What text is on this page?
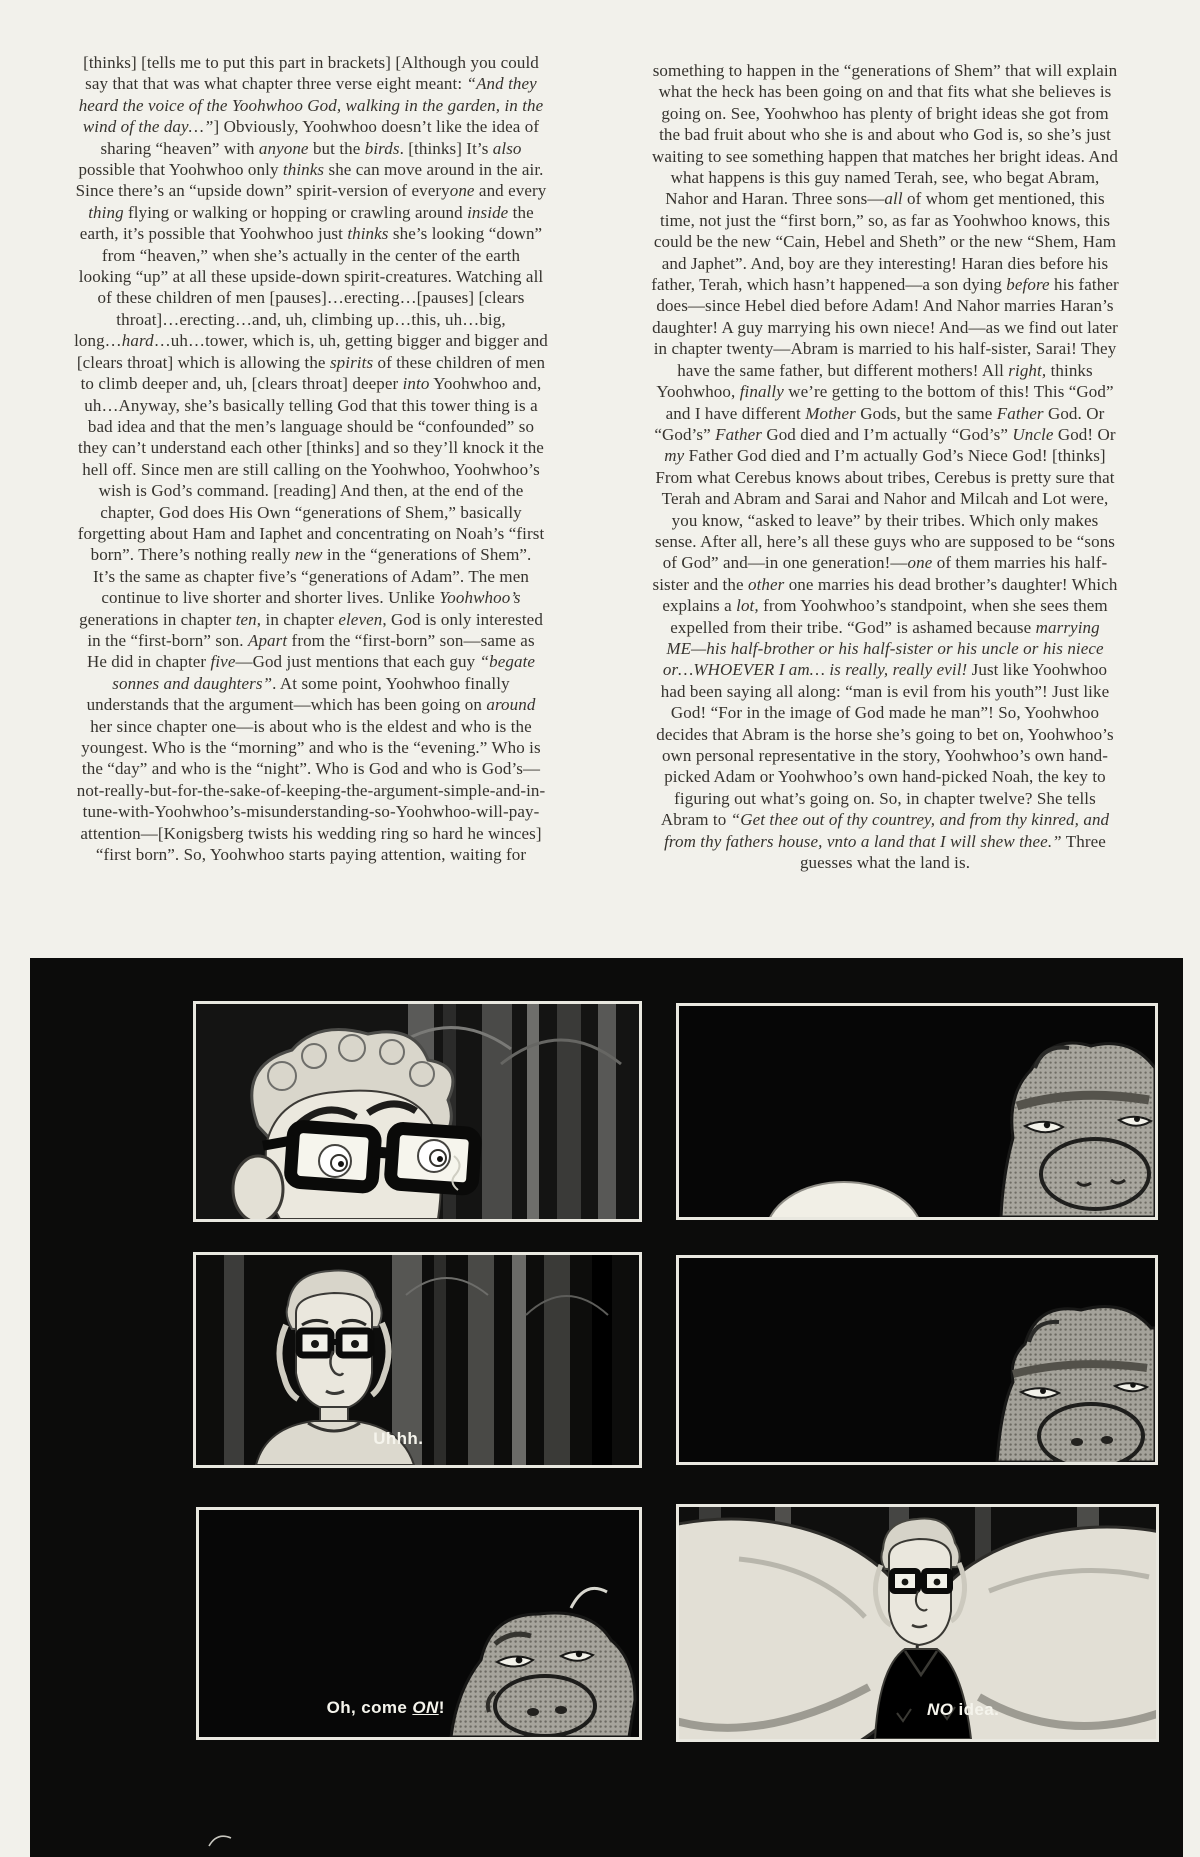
[thinks] [tells me to put this part in brackets] [Although you could
say that that was what chapter three verse eight meant: “And they
heard the voice of the Yoohwhoo God, walking in the garden, in the
wind of the day…”] Obviously, Yoohwhoo doesn’t like the idea of
sharing “heaven” with anyone but the birds. [thinks] It’s also
possible that Yoohwhoo only thinks she can move around in the air.
Since there’s an “upside down” spirit-version of everyone and every
thing flying or walking or hopping or crawling around inside the
earth, it’s possible that Yoohwhoo just thinks she’s looking “down”
from “heaven,” when she’s actually in the center of the earth
looking “up” at all these upside-down spirit-creatures. Watching all
of these children of men [pauses]…erecting…[pauses] [clears
throat]…erecting…and, uh, climbing up…this, uh…big,
long…hard…uh…tower, which is, uh, getting bigger and bigger and
[clears throat] which is allowing the spirits of these children of men
to climb deeper and, uh, [clears throat] deeper into Yoohwhoo and,
uh…Anyway, she’s basically telling God that this tower thing is a
bad idea and that the men’s language should be “confounded” so
they can’t understand each other [thinks] and so they’ll knock it the
hell off. Since men are still calling on the Yoohwhoo, Yoohwhoo’s
wish is God’s command. [reading] And then, at the end of the
chapter, God does His Own “generations of Shem,” basically
forgetting about Ham and Iaphet and concentrating on Noah’s “first
born”. There’s nothing really new in the “generations of Shem”.
It’s the same as chapter five’s “generations of Adam”. The men
continue to live shorter and shorter lives. Unlike Yoohwhoo’s
generations in chapter ten, in chapter eleven, God is only interested
in the “first-born” son. Apart from the “first-born” son—same as
He did in chapter five—God just mentions that each guy “begate
sonnes and daughters”. At some point, Yoohwhoo finally
understands that the argument—which has been going on around
her since chapter one—is about who is the eldest and who is the
youngest. Who is the “morning” and who is the “evening.” Who is
the “day” and who is the “night”. Who is God and who is God’s—
not-really-but-for-the-sake-of-keeping-the-argument-simple-and-in-
tune-with-Yoohwhoo’s-misunderstanding-so-Yoohwhoo-will-pay-
attention—[Konigsberg twists his wedding ring so hard he winces]
“first born”. So, Yoohwhoo starts paying attention, waiting for
something to happen in the “generations of Shem” that will explain
what the heck has been going on and that fits what she believes is
going on. See, Yoohwhoo has plenty of bright ideas she got from
the bad fruit about who she is and about who God is, so she’s just
waiting to see something happen that matches her bright ideas. And
what happens is this guy named Terah, see, who begat Abram,
Nahor and Haran. Three sons—all of whom get mentioned, this
time, not just the “first born,” so, as far as Yoohwhoo knows, this
could be the new “Cain, Hebel and Sheth” or the new “Shem, Ham
and Japhet”. And, boy are they interesting! Haran dies before his
father, Terah, which hasn’t happened—a son dying before his father
does—since Hebel died before Adam! And Nahor marries Haran’s
daughter! A guy marrying his own niece! And—as we find out later
in chapter twenty—Abram is married to his half-sister, Sarai! They
have the same father, but different mothers! All right, thinks
Yoohwhoo, finally we’re getting to the bottom of this! This “God”
and I have different Mother Gods, but the same Father God. Or
“God’s” Father God died and I’m actually “God’s” Uncle God! Or
my Father God died and I’m actually God’s Niece God! [thinks]
From what Cerebus knows about tribes, Cerebus is pretty sure that
Terah and Abram and Sarai and Nahor and Milcah and Lot were,
you know, “asked to leave” by their tribes. Which only makes
sense. After all, here’s all these guys who are supposed to be “sons
of God” and—in one generation!—one of them marries his half-
sister and the other one marries his dead brother’s daughter! Which
explains a lot, from Yoohwhoo’s standpoint, when she sees them
expelled from their tribe. “God” is ashamed because marrying
ME—his half-brother or his half-sister or his uncle or his niece
or…WHOEVER I am… is really, really evil! Just like Yoohwhoo
had been saying all along: “man is evil from his youth”! Just like
God! “For in the image of God made he man”! So, Yoohwhoo
decides that Abram is the horse she’s going to bet on, Yoohwhoo’s
own personal representative in the story, Yoohwhoo’s own hand-
picked Adam or Yoohwhoo’s own hand-picked Noah, the key to
figuring out what’s going on. So, in chapter twelve? She tells
Abram to “Get thee out of thy countrey, and from thy kinred, and
from thy fathers house, vnto a land that I will shew thee.” Three
guesses what the land is.
Uhhh.
Oh, come ON!	NO idea.
